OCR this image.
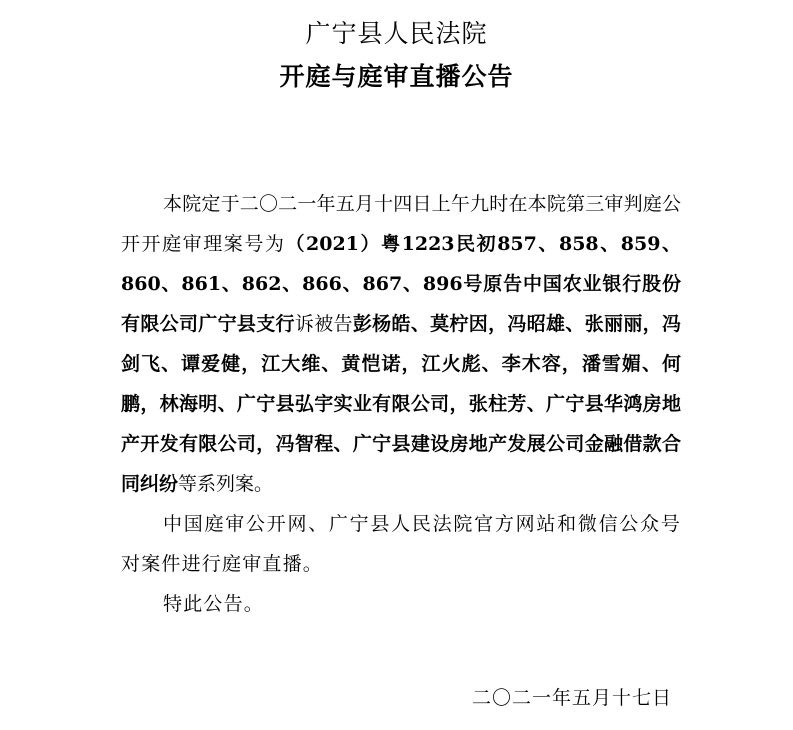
广宁县人民法院
开庭与庭审直播公告

本院定于二〇二一年五月十四日上午九时在本院第三审判庭公开开庭审理案号为（2021）粤1223民初857、858、859、860、861、862、866、867、896号原告中国农业银行股份有限公司广宁县支行诉被告彭杨皓、莫柠因，冯昭雄、张丽丽，冯剑飞、谭爱健，江大维、黄恺诺，江火彪、李木容，潘雪媚、何鹏，林海明、广宁县弘宇实业有限公司，张柱芳、广宁县华鸿房地产开发有限公司，冯智程、广宁县建设房地产发展公司金融借款合同纠纷等系列案。

中国庭审公开网、广宁县人民法院官方网站和微信公众号对案件进行庭审直播。

特此公告。

二〇二一年五月十七日
